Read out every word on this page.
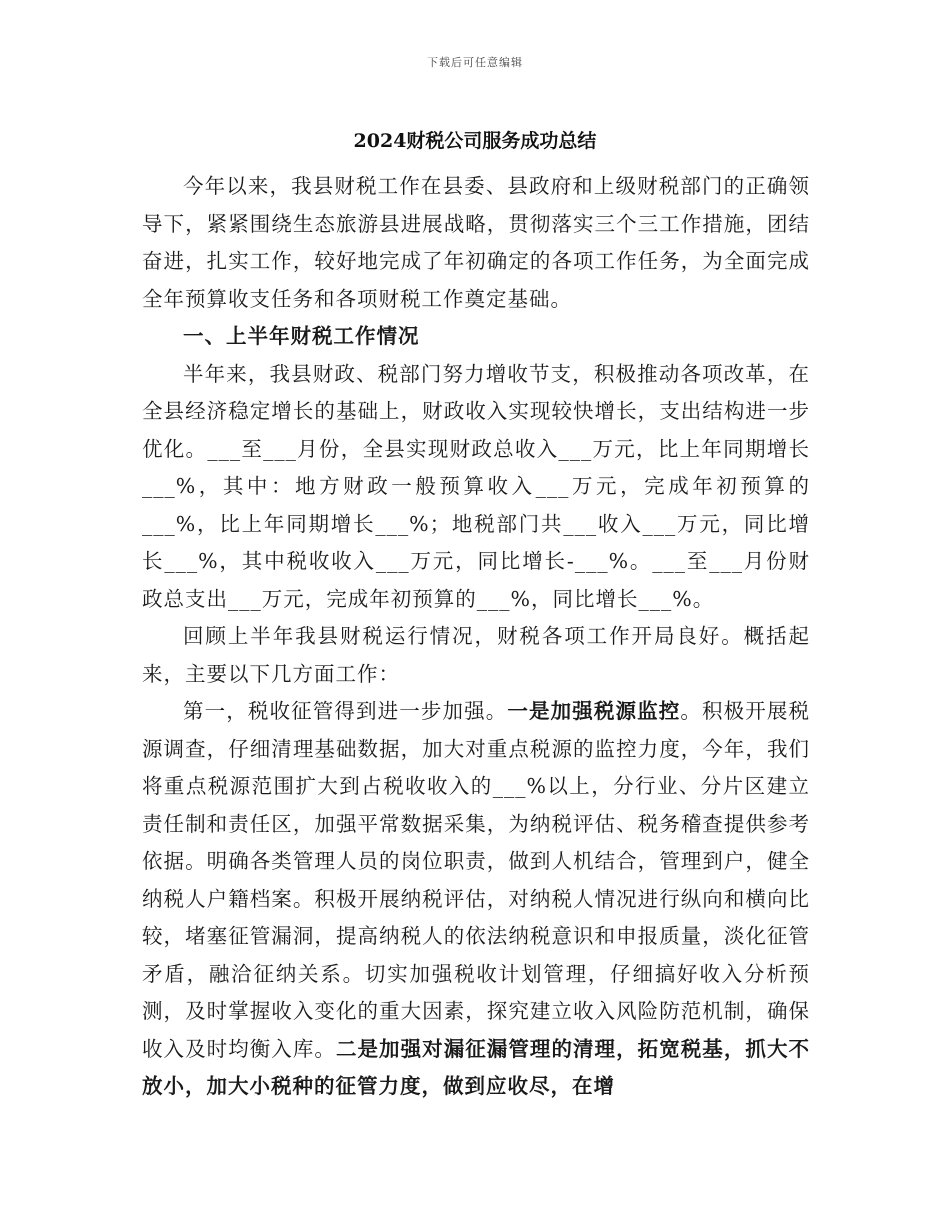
下载后可任意编辑
2024财税公司服务成功总结

今年以来，我县财税工作在县委、县政府和上级财税部门的正确领导下，紧紧围绕生态旅游县进展战略，贯彻落实三个三工作措施，团结奋进，扎实工作，较好地完成了年初确定的各项工作任务，为全面完成全年预算收支任务和各项财税工作奠定基础。

一、上半年财税工作情况

半年来，我县财政、税部门努力增收节支，积极推动各项改革，在全县经济稳定增长的基础上，财政收入实现较快增长，支出结构进一步优化。___至___月份，全县实现财政总收入___万元，比上年同期增长___%，其中：地方财政一般预算收入___万元，完成年初预算的___%，比上年同期增长___%；地税部门共___收入___万元，同比增长___%，其中税收收入___万元，同比增长-___%。___至___月份财政总支出___万元，完成年初预算的___%，同比增长___%。

回顾上半年我县财税运行情况，财税各项工作开局良好。概括起来，主要以下几方面工作：

第一，税收征管得到进一步加强。一是加强税源监控。积极开展税源调查，仔细清理基础数据，加大对重点税源的监控力度，今年，我们将重点税源范围扩大到占税收收入的___%以上，分行业、分片区建立责任制和责任区，加强平常数据采集，为纳税评估、税务稽查提供参考依据。明确各类管理人员的岗位职责，做到人机结合，管理到户，健全纳税人户籍档案。积极开展纳税评估，对纳税人情况进行纵向和横向比较，堵塞征管漏洞，提高纳税人的依法纳税意识和申报质量，淡化征管矛盾，融洽征纳关系。切实加强税收计划管理，仔细搞好收入分析预测，及时掌握收入变化的重大因素，探究建立收入风险防范机制，确保收入及时均衡入库。二是加强对漏征漏管理的清理，拓宽税基，抓大不放小，加大小税种的征管力度，做到应收尽，在增
